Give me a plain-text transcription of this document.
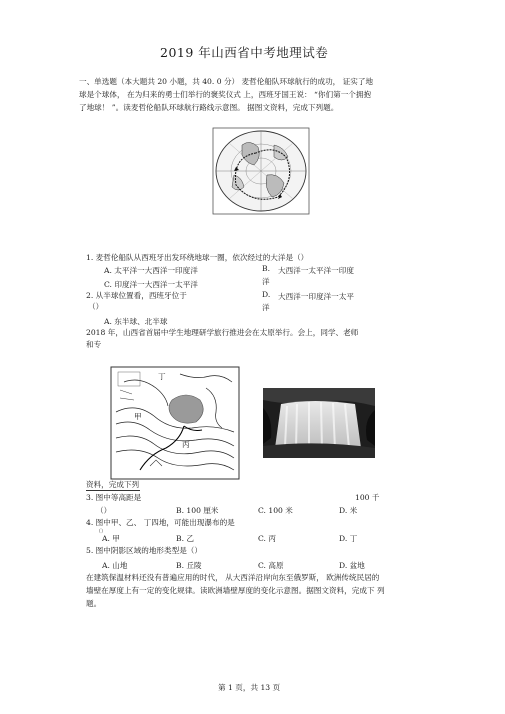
2019 年山西省中考地理试卷
一、单选题（本大题共 20 小题，共 40. 0 分） 麦哲伦船队环球航行的成功， 证实了地
球是个球体， 在为归来的勇士们举行的褒奖仪式 上，西班牙国王说： “你们第一个拥抱
了地球！ ”。读麦哲伦船队环球航行路线示意图。 据图文资料，完成下列题。
1. 麦哲伦船队从西班牙出发环绕地球一圈，依次经过的大洋是（）
A. 太平洋一大西洋一印度洋	B. 大西洋一太平洋一印度
洋
C. 印度洋一大西洋一太平洋
D. 大西洋一印度洋一太平
洋
2. 从半球位置看，西班牙位于
（）
A. 东半球、北半球
2018 年，山西省首届中学生地理研学旅行推进会在太原举行。会上，同学、老师
和专
丁
甲
丙
资料，完成下列
3. 图中等高距是	100 千
（）	B. 100 厘米	C. 100 米	D. 米
4. 图中甲、乙、 丁四地，可能出现瀑布的是
（）
A. 甲	B. 乙	C. 丙	D. 丁
5. 图中阴影区域的地形类型是（）
A. 山地	B. 丘陵	C. 高原	D. 盆地
在建筑保温材料还没有普遍应用的时代， 从大西洋沿岸向东至俄罗斯， 欧洲传统民居的
墙壁在厚度上有一定的变化规律。读欧洲墙壁厚度的变化示意图。据图文资料，完成下 列
题。
第 1 页，共 13 页
